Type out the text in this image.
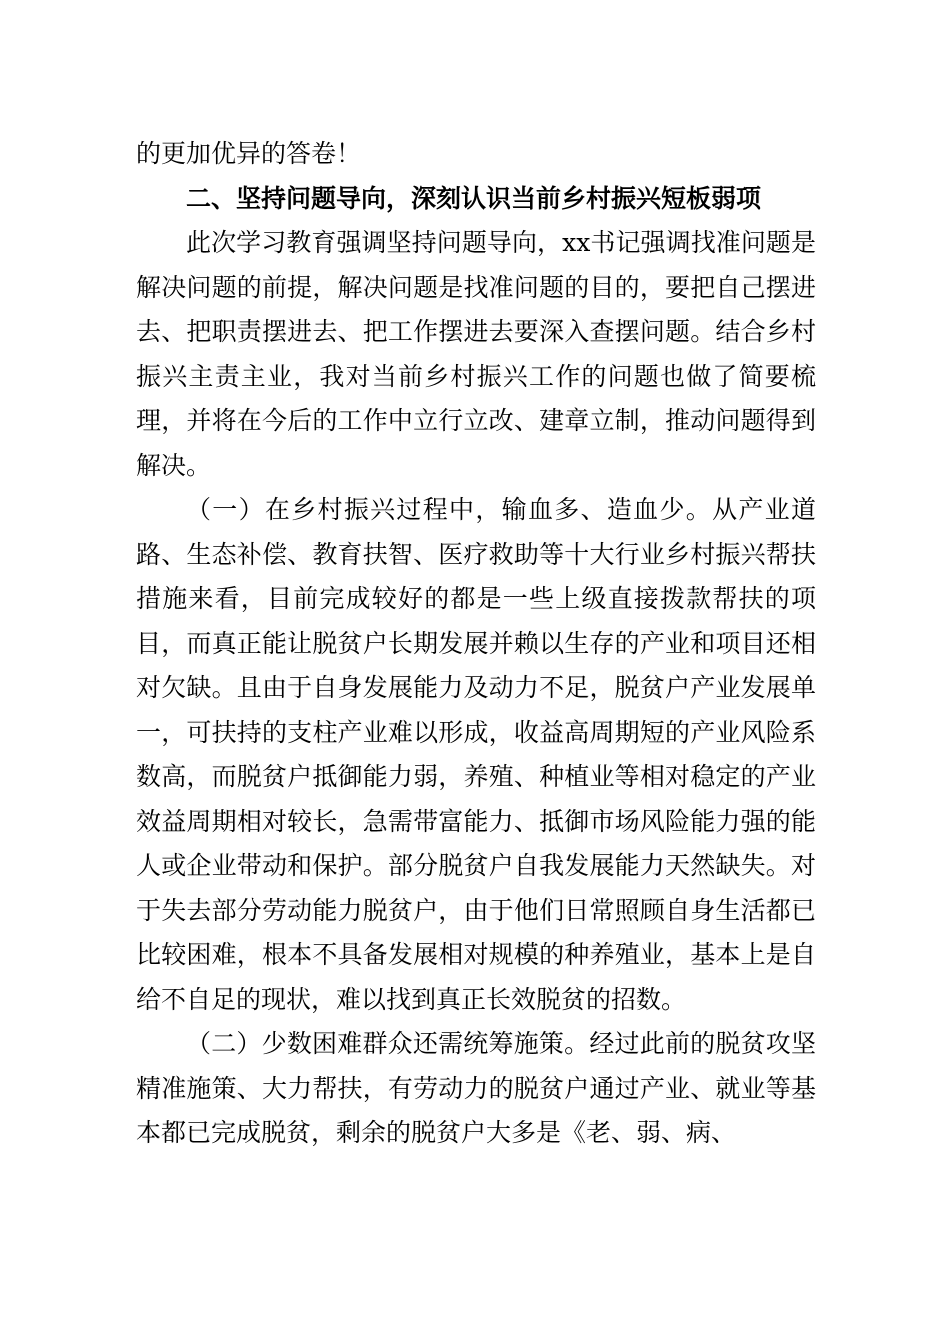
的更加优异的答卷！

二、坚持问题导向，深刻认识当前乡村振兴短板弱项

此次学习教育强调坚持问题导向，xx书记强调找准问题是解决问题的前提，解决问题是找准问题的目的，要把自己摆进去、把职责摆进去、把工作摆进去要深入查摆问题。结合乡村振兴主责主业，我对当前乡村振兴工作的问题也做了简要梳理，并将在今后的工作中立行立改、建章立制，推动问题得到解决。

（一）在乡村振兴过程中，输血多、造血少。从产业道路、生态补偿、教育扶智、医疗救助等十大行业乡村振兴帮扶措施来看，目前完成较好的都是一些上级直接拨款帮扶的项目，而真正能让脱贫户长期发展并赖以生存的产业和项目还相对欠缺。且由于自身发展能力及动力不足，脱贫户产业发展单一，可扶持的支柱产业难以形成，收益高周期短的产业风险系数高，而脱贫户抵御能力弱，养殖、种植业等相对稳定的产业效益周期相对较长，急需带富能力、抵御市场风险能力强的能人或企业带动和保护。部分脱贫户自我发展能力天然缺失。对于失去部分劳动能力脱贫户，由于他们日常照顾自身生活都已比较困难，根本不具备发展相对规模的种养殖业，基本上是自给不自足的现状，难以找到真正长效脱贫的招数。

（二）少数困难群众还需统筹施策。经过此前的脱贫攻坚精准施策、大力帮扶，有劳动力的脱贫户通过产业、就业等基本都已完成脱贫，剩余的脱贫户大多是《老、弱、病、
